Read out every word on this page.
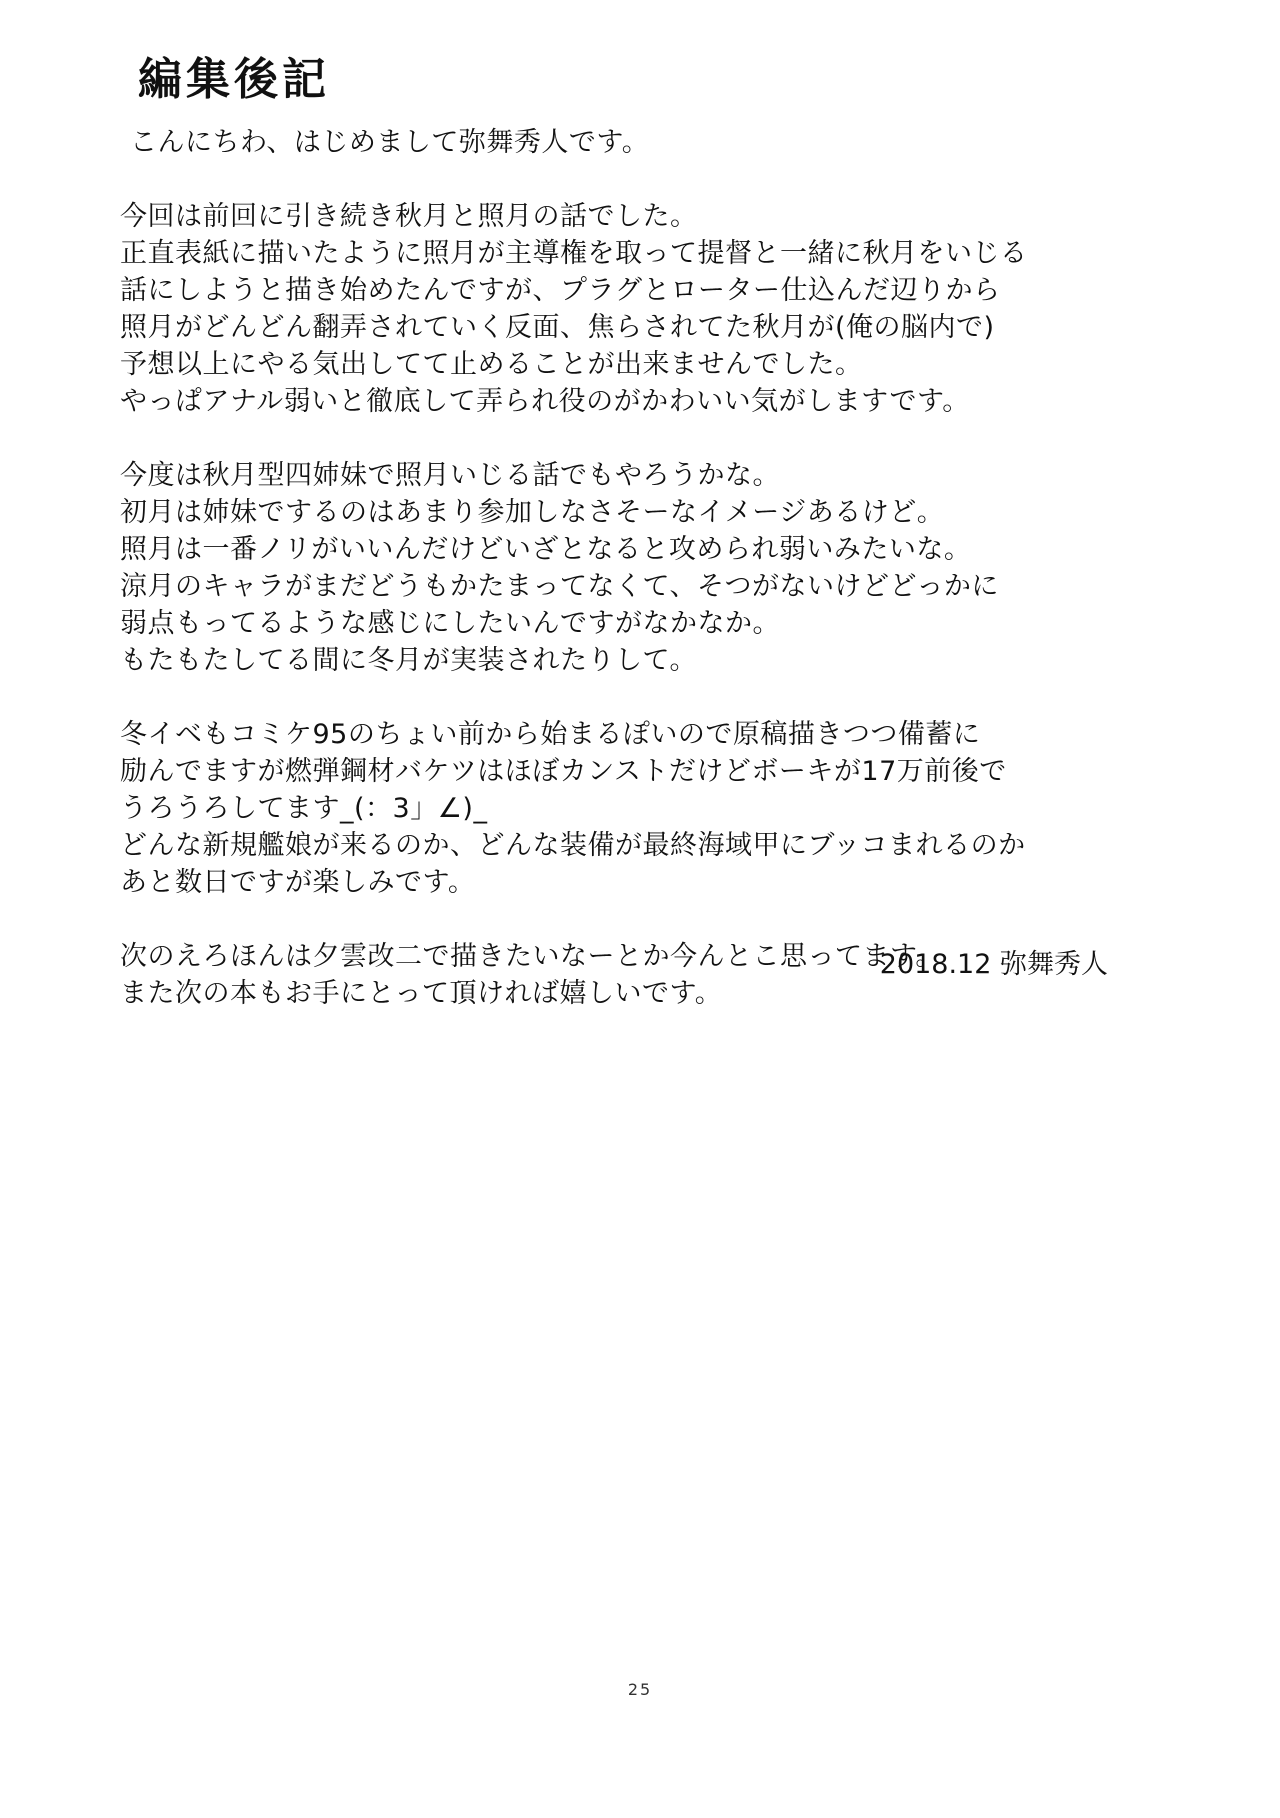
編集後記
こんにちわ、はじめまして弥舞秀人です。
今回は前回に引き続き秋月と照月の話でした。
正直表紙に描いたように照月が主導権を取って提督と一緒に秋月をいじる
話にしようと描き始めたんですが、プラグとローター仕込んだ辺りから
照月がどんどん翻弄されていく反面、焦らされてた秋月が(俺の脳内で)
予想以上にやる気出してて止めることが出来ませんでした。
やっぱアナル弱いと徹底して弄られ役のがかわいい気がしますです。
今度は秋月型四姉妹で照月いじる話でもやろうかな。
初月は姉妹でするのはあまり参加しなさそーなイメージあるけど。
照月は一番ノリがいいんだけどいざとなると攻められ弱いみたいな。
涼月のキャラがまだどうもかたまってなくて、そつがないけどどっかに
弱点もってるような感じにしたいんですがなかなか。
もたもたしてる間に冬月が実装されたりして。
冬イベもコミケ95のちょい前から始まるぽいので原稿描きつつ備蓄に
励んでますが燃弾鋼材バケツはほぼカンストだけどボーキが17万前後で
うろうろしてます_(：3」∠)_
どんな新規艦娘が来るのか、どんな装備が最終海域甲にブッコまれるのか
あと数日ですが楽しみです。
次のえろほんは夕雲改二で描きたいなーとか今んとこ思ってます。
また次の本もお手にとって頂ければ嬉しいです。
2018.12 弥舞秀人
25
